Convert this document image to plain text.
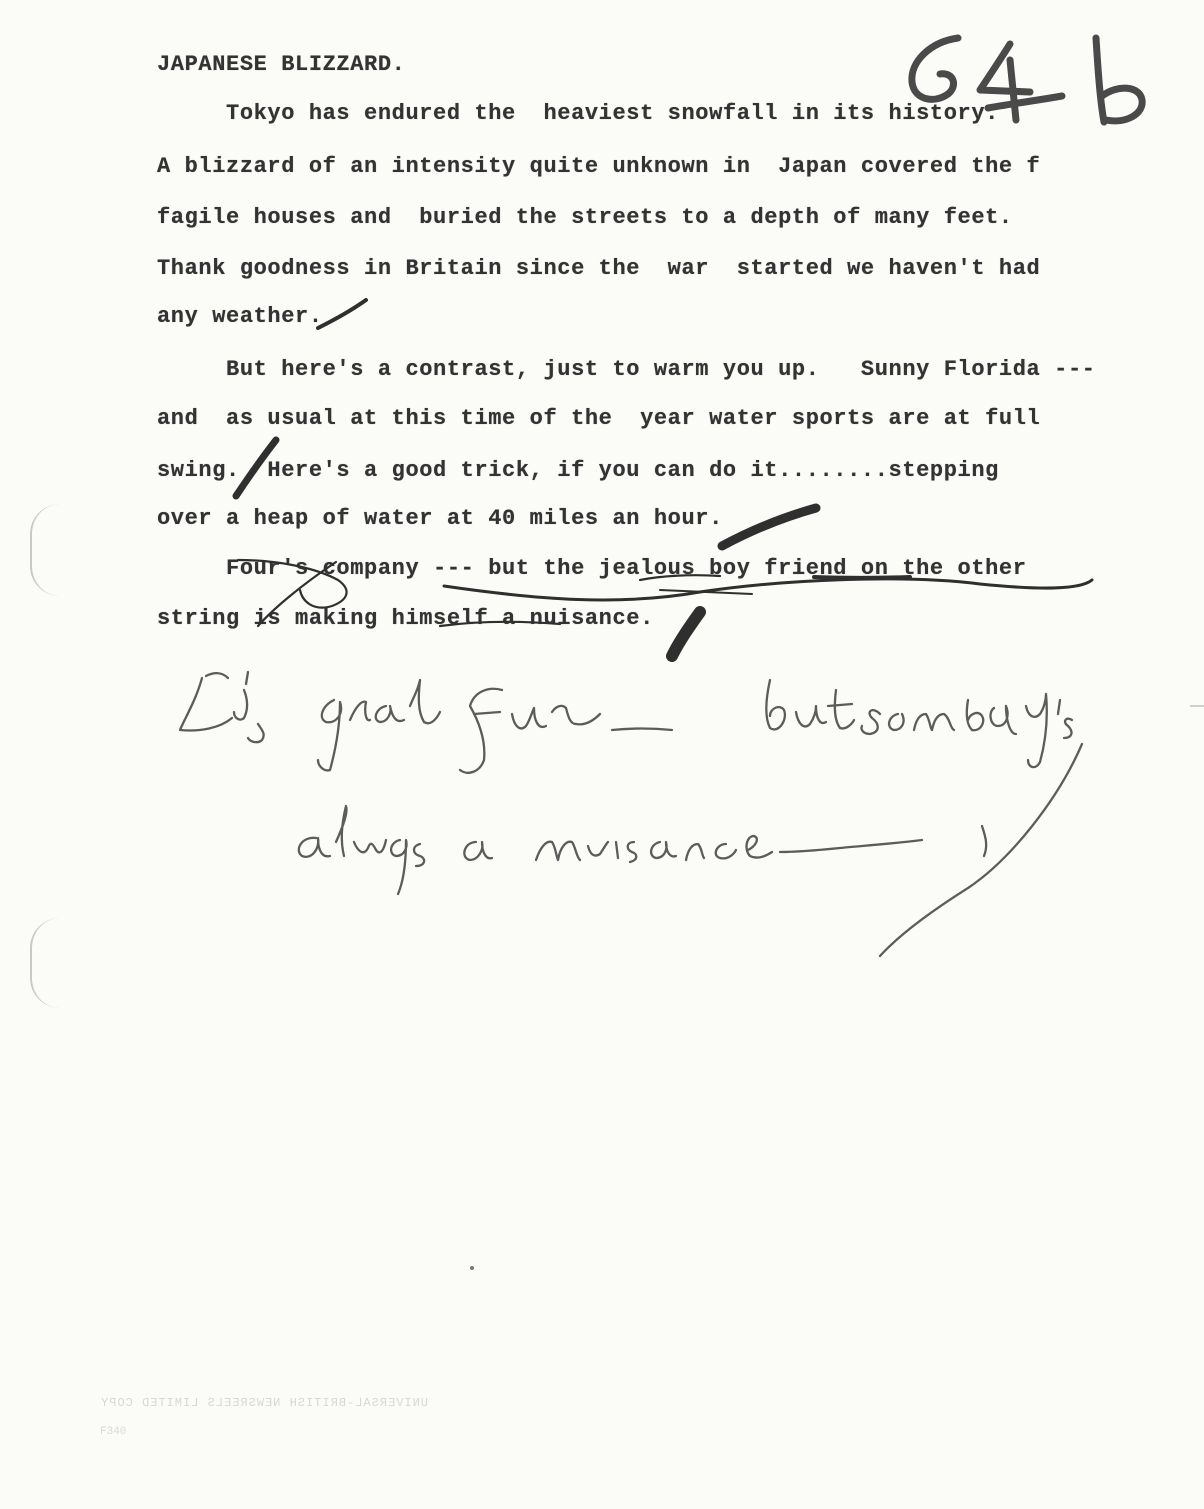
JAPANESE BLIZZARD.
Tokyo has endured the  heaviest snowfall in its history.
A blizzard of an intensity quite unknown in  Japan covered the f
fagile houses and  buried the streets to a depth of many feet.
Thank goodness in Britain since the  war  started we haven't had
any weather.
But here's a contrast, just to warm you up.   Sunny Florida ---
and  as usual at this time of the  year water sports are at full
swing.  Here's a good trick, if you can do it........stepping
over a heap of water at 40 miles an hour.
Four's company --- but the jealous boy friend on the other
string is making himself a nuisance.
UNIVERSAL-BRITISH NEWSREELS LIMITED COPY
F340
